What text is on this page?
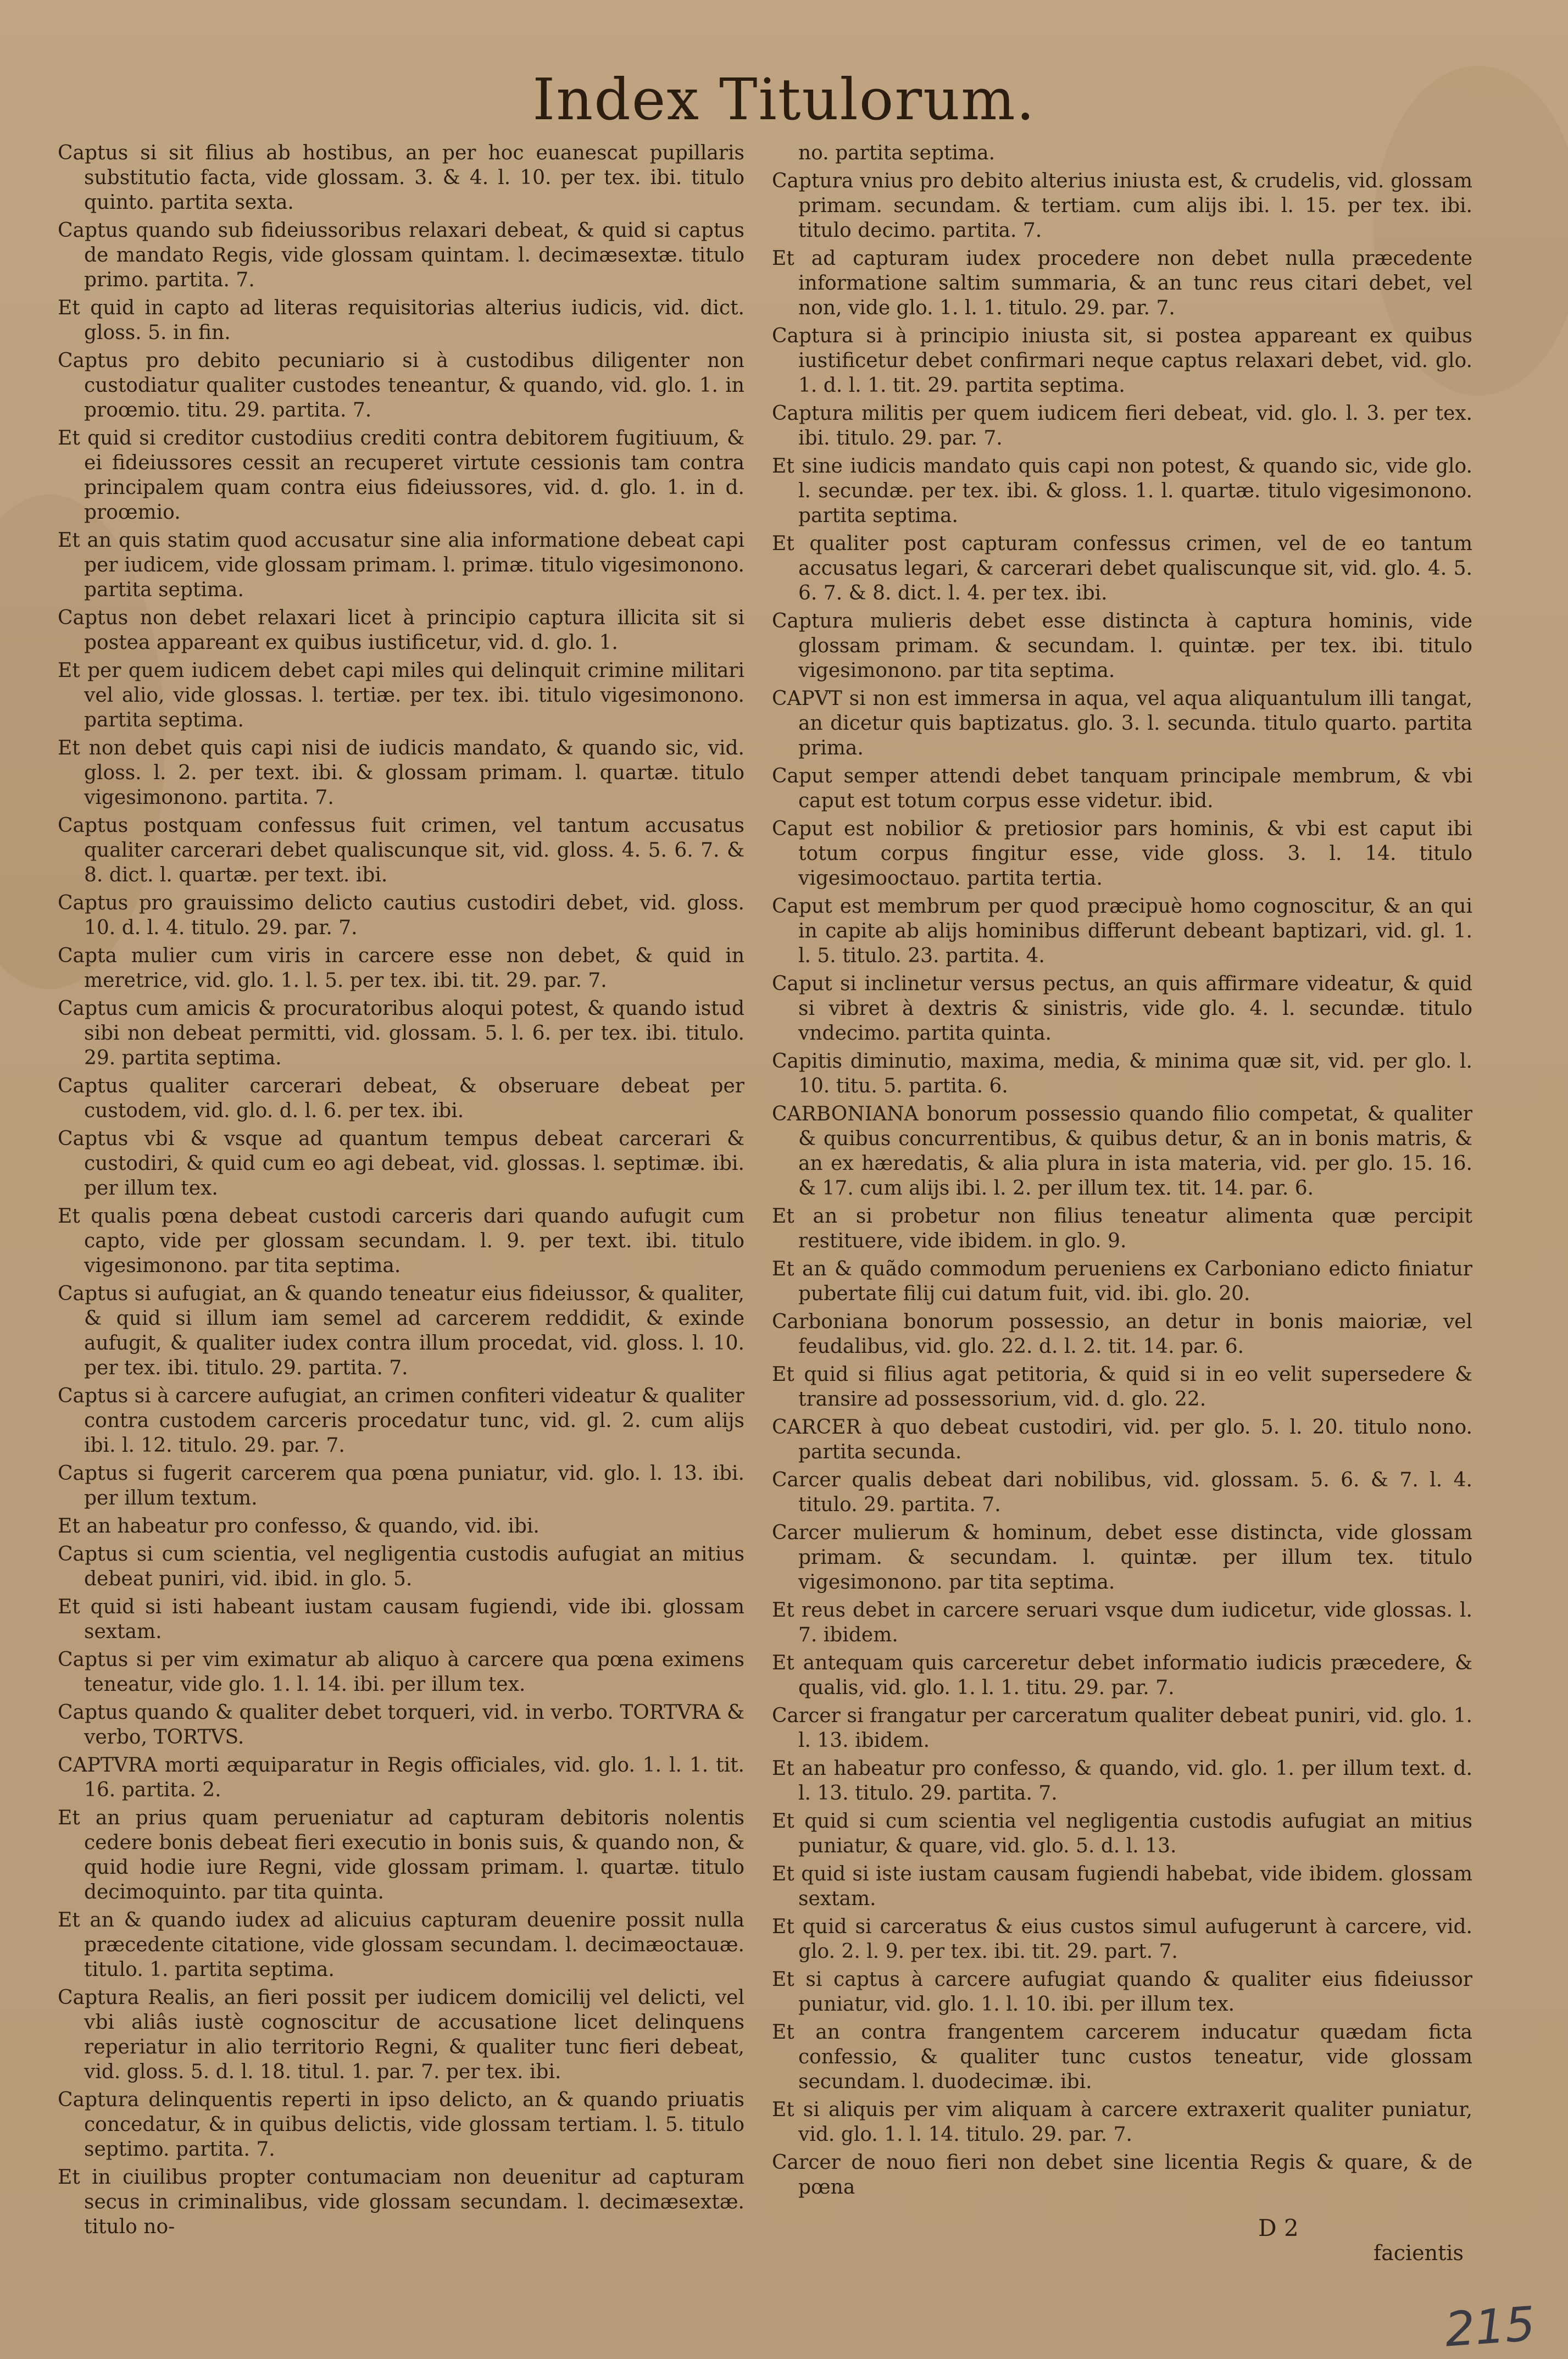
Index Titulorum.

Captus si sit filius ab hostibus, an per hoc euanescat pupillaris substitutio facta, vide glossam. 3. & 4. l. 10. per tex. ibi. titulo quinto. partita sexta.

Captus quando sub fideiussoribus relaxari debeat, & quid si captus de mandato Regis, vide glossam quintam. l. decimæsextæ. titulo primo. partita. 7.

Et quid in capto ad literas requisitorias alterius iudicis, vid. dict. gloss. 5. in fin.

Captus pro debito pecuniario si à custodibus diligenter non custodiatur qualiter custodes teneantur, & quando, vid. glo. 1. in proœmio. titu. 29. partita. 7.

Et quid si creditor custodiius crediti contra debitorem fugitiuum, & ei fideiussores cessit an recuperet virtute cessionis tam contra principalem quam contra eius fideiussores, vid. d. glo. 1. in d. proœmio.

Et an quis statim quod accusatur sine alia informatione debeat capi per iudicem, vide glossam primam. l. primæ. titulo vigesimonono. partita septima.

Captus non debet relaxari licet à principio captura illicita sit si postea appareant ex quibus iustificetur, vid. d. glo. 1.

Et per quem iudicem debet capi miles qui delinquit crimine militari vel alio, vide glossas. l. tertiæ. per tex. ibi. titulo vigesimonono. partita septima.

Et non debet quis capi nisi de iudicis mandato, & quando sic, vid. gloss. l. 2. per text. ibi. & glossam primam. l. quartæ. titulo vigesimonono. partita. 7.

Captus postquam confessus fuit crimen, vel tantum accusatus qualiter carcerari debet qualiscunque sit, vid. gloss. 4. 5. 6. 7. & 8. dict. l. quartæ. per text. ibi.

Captus pro grauissimo delicto cautius custodiri debet, vid. gloss. 10. d. l. 4. titulo. 29. par. 7.

Capta mulier cum viris in carcere esse non debet, & quid in meretrice, vid. glo. 1. l. 5. per tex. ibi. tit. 29. par. 7.

Captus cum amicis & procuratoribus aloqui potest, & quando istud sibi non debeat permitti, vid. glossam. 5. l. 6. per tex. ibi. titulo. 29. partita septima.

Captus qualiter carcerari debeat, & obseruare debeat per custodem, vid. glo. d. l. 6. per tex. ibi.

Captus vbi & vsque ad quantum tempus debeat carcerari & custodiri, & quid cum eo agi debeat, vid. glossas. l. septimæ. ibi. per illum tex.

Et qualis pœna debeat custodi carceris dari quando aufugit cum capto, vide per glossam secundam. l. 9. per text. ibi. titulo vigesimonono. par tita septima.

Captus si aufugiat, an & quando teneatur eius fideiussor, & qualiter, & quid si illum iam semel ad carcerem reddidit, & exinde aufugit, & qualiter iudex contra illum procedat, vid. gloss. l. 10. per tex. ibi. titulo. 29. partita. 7.

Captus si à carcere aufugiat, an crimen confiteri videatur & qualiter contra custodem carceris procedatur tunc, vid. gl. 2. cum alijs ibi. l. 12. titulo. 29. par. 7.

Captus si fugerit carcerem qua pœna puniatur, vid. glo. l. 13. ibi. per illum textum.

Et an habeatur pro confesso, & quando, vid. ibi.

Captus si cum scientia, vel negligentia custodis aufugiat an mitius debeat puniri, vid. ibid. in glo. 5.

Et quid si isti habeant iustam causam fugiendi, vide ibi. glossam sextam.

Captus si per vim eximatur ab aliquo à carcere qua pœna eximens teneatur, vide glo. 1. l. 14. ibi. per illum tex.

Captus quando & qualiter debet torqueri, vid. in verbo. TORTVRA & verbo, TORTVS.

CAPTVRA morti æquiparatur in Regis officiales, vid. glo. 1. l. 1. tit. 16. partita. 2.

Et an prius quam perueniatur ad capturam debitoris nolentis cedere bonis debeat fieri executio in bonis suis, & quando non, & quid hodie iure Regni, vide glossam primam. l. quartæ. titulo decimoquinto. par tita quinta.

Et an & quando iudex ad alicuius capturam deuenire possit nulla præcedente citatione, vide glossam secundam. l. decimæoctauæ. titulo. 1. partita septima.

Captura Realis, an fieri possit per iudicem domicilij vel delicti, vel vbi aliâs iustè cognoscitur de accusatione licet delinquens reperiatur in alio territorio Regni, & qualiter tunc fieri debeat, vid. gloss. 5. d. l. 18. titul. 1. par. 7. per tex. ibi.

Captura delinquentis reperti in ipso delicto, an & quando priuatis concedatur, & in quibus delictis, vide glossam tertiam. l. 5. titulo septimo. partita. 7.

Et in ciuilibus propter contumaciam non deuenitur ad capturam secus in criminalibus, vide glossam secundam. l. decimæsextæ. titulo no-

no. partita septima.

Captura vnius pro debito alterius iniusta est, & crudelis, vid. glossam primam. secundam. & tertiam. cum alijs ibi. l. 15. per tex. ibi. titulo decimo. partita. 7.

Et ad capturam iudex procedere non debet nulla præcedente informatione saltim summaria, & an tunc reus citari debet, vel non, vide glo. 1. l. 1. titulo. 29. par. 7.

Captura si à principio iniusta sit, si postea appareant ex quibus iustificetur debet confirmari neque captus relaxari debet, vid. glo. 1. d. l. 1. tit. 29. partita septima.

Captura militis per quem iudicem fieri debeat, vid. glo. l. 3. per tex. ibi. titulo. 29. par. 7.

Et sine iudicis mandato quis capi non potest, & quando sic, vide glo. l. secundæ. per tex. ibi. & gloss. 1. l. quartæ. titulo vigesimonono. partita septima.

Et qualiter post capturam confessus crimen, vel de eo tantum accusatus legari, & carcerari debet qualiscunque sit, vid. glo. 4. 5. 6. 7. & 8. dict. l. 4. per tex. ibi.

Captura mulieris debet esse distincta à captura hominis, vide glossam primam. & secundam. l. quintæ. per tex. ibi. titulo vigesimonono. par tita septima.

CAPVT si non est immersa in aqua, vel aqua aliquantulum illi tangat, an dicetur quis baptizatus. glo. 3. l. secunda. titulo quarto. partita prima.

Caput semper attendi debet tanquam principale membrum, & vbi caput est totum corpus esse videtur. ibid.

Caput est nobilior & pretiosior pars hominis, & vbi est caput ibi totum corpus fingitur esse, vide gloss. 3. l. 14. titulo vigesimooctauo. partita tertia.

Caput est membrum per quod præcipuè homo cognoscitur, & an qui in capite ab alijs hominibus differunt debeant baptizari, vid. gl. 1. l. 5. titulo. 23. partita. 4.

Caput si inclinetur versus pectus, an quis affirmare videatur, & quid si vibret à dextris & sinistris, vide glo. 4. l. secundæ. titulo vndecimo. partita quinta.

Capitis diminutio, maxima, media, & minima quæ sit, vid. per glo. l. 10. titu. 5. partita. 6.

CARBONIANA bonorum possessio quando filio competat, & qualiter & quibus concurrentibus, & quibus detur, & an in bonis matris, & an ex hæredatis, & alia plura in ista materia, vid. per glo. 15. 16. & 17. cum alijs ibi. l. 2. per illum tex. tit. 14. par. 6.

Et an si probetur non filius teneatur alimenta quæ percipit restituere, vide ibidem. in glo. 9.

Et an & quãdo commodum perueniens ex Carboniano edicto finiatur pubertate filij cui datum fuit, vid. ibi. glo. 20.

Carboniana bonorum possessio, an detur in bonis maioriæ, vel feudalibus, vid. glo. 22. d. l. 2. tit. 14. par. 6.

Et quid si filius agat petitoria, & quid si in eo velit supersedere & transire ad possessorium, vid. d. glo. 22.

CARCER à quo debeat custodiri, vid. per glo. 5. l. 20. titulo nono. partita secunda.

Carcer qualis debeat dari nobilibus, vid. glossam. 5. 6. & 7. l. 4. titulo. 29. partita. 7.

Carcer mulierum & hominum, debet esse distincta, vide glossam primam. & secundam. l. quintæ. per illum tex. titulo vigesimonono. par tita septima.

Et reus debet in carcere seruari vsque dum iudicetur, vide glossas. l. 7. ibidem.

Et antequam quis carceretur debet informatio iudicis præcedere, & qualis, vid. glo. 1. l. 1. titu. 29. par. 7.

Carcer si frangatur per carceratum qualiter debeat puniri, vid. glo. 1. l. 13. ibidem.

Et an habeatur pro confesso, & quando, vid. glo. 1. per illum text. d. l. 13. titulo. 29. partita. 7.

Et quid si cum scientia vel negligentia custodis aufugiat an mitius puniatur, & quare, vid. glo. 5. d. l. 13.

Et quid si iste iustam causam fugiendi habebat, vide ibidem. glossam sextam.

Et quid si carceratus & eius custos simul aufugerunt à carcere, vid. glo. 2. l. 9. per tex. ibi. tit. 29. part. 7.

Et si captus à carcere aufugiat quando & qualiter eius fideiussor puniatur, vid. glo. 1. l. 10. ibi. per illum tex.

Et an contra frangentem carcerem inducatur quædam ficta confessio, & qualiter tunc custos teneatur, vide glossam secundam. l. duodecimæ. ibi.

Et si aliquis per vim aliquam à carcere extraxerit qualiter puniatur, vid. glo. 1. l. 14. titulo. 29. par. 7.

Carcer de nouo fieri non debet sine licentia Regis & quare, & de pœna

D 2
facientis
215
